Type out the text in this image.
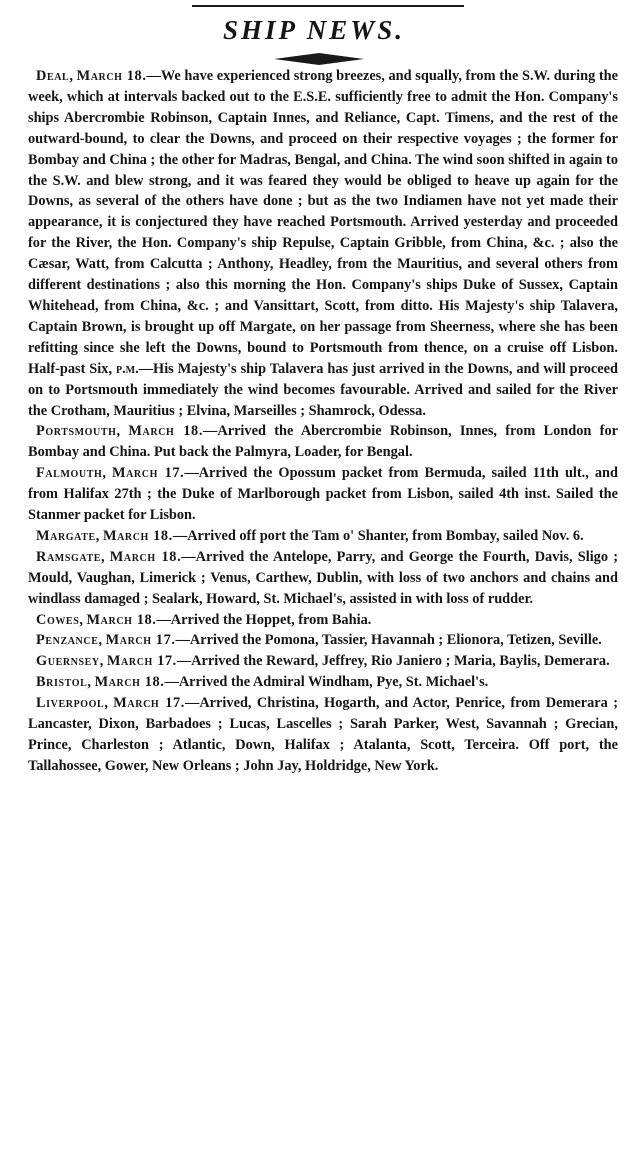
SHIP NEWS.

Deal, March 18.—We have experienced strong breezes, and squally, from the S.W. during the week, which at intervals backed out to the E.S.E. sufficiently free to admit the Hon. Company's ships Abercrombie Robinson, Captain Innes, and Reliance, Capt. Timens, and the rest of the outward-bound, to clear the Downs, and proceed on their respective voyages ; the former for Bombay and China ; the other for Madras, Bengal, and China. The wind soon shifted in again to the S.W. and blew strong, and it was feared they would be obliged to heave up again for the Downs, as several of the others have done ; but as the two Indiamen have not yet made their appearance, it is conjectured they have reached Portsmouth. Arrived yesterday and proceeded for the River, the Hon. Company's ship Repulse, Captain Gribble, from China, &c. ; also the Cæsar, Watt, from Calcutta ; Anthony, Headley, from the Mauritius, and several others from different destinations ; also this morning the Hon. Company's ships Duke of Sussex, Captain Whitehead, from China, &c. ; and Vansittart, Scott, from ditto. His Majesty's ship Talavera, Captain Brown, is brought up off Margate, on her passage from Sheerness, where she has been refitting since she left the Downs, bound to Portsmouth from thence, on a cruise off Lisbon. Half-past Six, p.m.—His Majesty's ship Talavera has just arrived in the Downs, and will proceed on to Portsmouth immediately the wind becomes favourable. Arrived and sailed for the River the Crotham, Mauritius ; Elvina, Marseilles ; Shamrock, Odessa.

Portsmouth, March 18.—Arrived the Abercrombie Robinson, Innes, from London for Bombay and China. Put back the Palmyra, Loader, for Bengal.

Falmouth, March 17.—Arrived the Opossum packet from Bermuda, sailed 11th ult., and from Halifax 27th ; the Duke of Marlborough packet from Lisbon, sailed 4th inst. Sailed the Stanmer packet for Lisbon.

Margate, March 18.—Arrived off port the Tam o' Shanter, from Bombay, sailed Nov. 6.

Ramsgate, March 18.—Arrived the Antelope, Parry, and George the Fourth, Davis, Sligo ; Mould, Vaughan, Limerick ; Venus, Carthew, Dublin, with loss of two anchors and chains and windlass damaged ; Sealark, Howard, St. Michael's, assisted in with loss of rudder.

Cowes, March 18.—Arrived the Hoppet, from Bahia.

Penzance, March 17.—Arrived the Pomona, Tassier, Havannah ; Elionora, Tetizen, Seville.

Guernsey, March 17.—Arrived the Reward, Jeffrey, Rio Janiero ; Maria, Baylis, Demerara.

Bristol, March 18.—Arrived the Admiral Windham, Pye, St. Michael's.

Liverpool, March 17.—Arrived, Christina, Hogarth, and Actor, Penrice, from Demerara ; Lancaster, Dixon, Barbadoes ; Lucas, Lascelles ; Sarah Parker, West, Savannah ; Grecian, Prince, Charleston ; Atlantic, Down, Halifax ; Atalanta, Scott, Terceira. Off port, the Tallahossee, Gower, New Orleans ; John Jay, Holdridge, New York.
